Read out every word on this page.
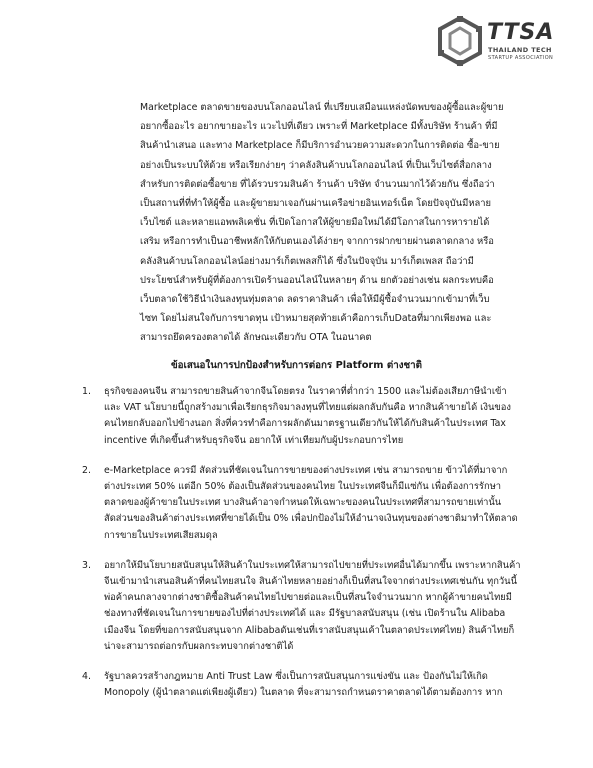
TTSA
THAILAND TECH
STARTUP ASSOCIATION

Marketplace ตลาดขายของบนโลกออนไลน์ ที่เปรียบเสมือนแหล่งนัดพบของผู้ซื้อและผู้ขาย อยากซื้ออะไร อยากขายอะไร แวะไปที่เดียว เพราะที่ Marketplace มีทั้งบริษัท ร้านค้า ที่มีสินค้านำเสนอ และทาง Marketplace ก็มีบริการอำนวยความสะดวกในการติดต่อ ซื้อ-ขาย อย่างเป็นระบบให้ด้วย หรือเรียกง่ายๆ ว่าคลังสินค้าบนโลกออนไลน์ ที่เป็นเว็บไซต์สื่อกลางสำหรับการติดต่อซื้อขาย ที่ได้รวบรวมสินค้า ร้านค้า บริษัท จำนวนมากไว้ด้วยกัน ซึ่งถือว่าเป็นสถานที่ที่ทำให้ผู้ซื้อ และผู้ขายมาเจอกันผ่านเครือข่ายอินเทอร์เน็ต โดยปัจจุบันมีหลายเว็บไซต์ และหลายแอพพลิเคชั่น ที่เปิดโอกาสให้ผู้ขายมือใหม่ได้มีโอกาสในการหารายได้เสริม หรือการทำเป็นอาชีพหลักให้กับตนเองได้ง่ายๆ จากการฝากขายผ่านตลาดกลาง หรือคลังสินค้าบนโลกออนไลน์อย่างมาร์เก็ตเพลสก็ได้ ซึ่งในปัจจุบัน มาร์เก็ตเพลส ถือว่ามีประโยชน์สำหรับผู้ที่ต้องการเปิดร้านออนไลน์ในหลายๆ ด้าน ยกตัวอย่างเช่น ผลกระทบคือ เว็บตลาดใช้วิธีนำเงินลงทุนทุ่มตลาด ลดราคาสินค้า เพื่อให้มีผู้ซื้อจำนวนมากเข้ามาที่เว็บไซท โดยไม่สนใจกับการขาดทุน เป้าหมายสุดท้ายเค้าคือการเก็บDataที่มากเพียงพอ และ สามารถยึดครองตลาดได้ ลักษณะเดียวกับ OTA ในอนาคต

ข้อเสนอในการปกป้องสำหรับการต่อกร Platform ต่างชาติ
1. ธุรกิจของคนจีน สามารถขายสินค้าจากจีนโดยตรง ในราคาที่ต่ำกว่า 1500 และไม่ต้องเสียภาษีนำเข้า และ VAT นโยบายนี้ถูกสร้างมาเพื่อเรียกธุรกิจมาลงทุนที่ไทยแต่ผลกลับกันคือ หากสินค้าขายได้ เงินของคนไทยกลับออกไปข้างนอก สิ่งที่ควรทำคือการผลักดันมาตรฐานเดียวกันให้ได้กับสินค้าในประเทศ Tax incentive ที่เกิดขึ้นสำหรับธุรกิจจีน อยากให้ เท่าเทียมกับผู้ประกอบการไทย
2. e-Marketplace ควรมี สัดส่วนที่ชัดเจนในการขายของต่างประเทศ เช่น สามารถขาย ข้าวได้ที่มาจากต่างประเทศ 50% แต่อีก 50% ต้องเป็นสัดส่วนของคนไทย ในประเทศจีนก็มีแซ่กัน เพื่อต้องการรักษาตลาดของผู้ค้าขายในประเทศ บางสินค้าอาจกำหนดให้เฉพาะของคนในประเทศที่สามารถขายเท่านั้น สัดส่วนของสินค้าต่างประเทศที่ขายได้เป็น 0% เพื่อปกป้องไม่ให้อำนาจเงินทุนของต่างชาติมาทำให้ตลาดการขายในประเทศเสียสมดุล
3. อยากให้มีนโยบายสนับสนุนให้สินค้าในประเทศให้สามารถไปขายที่ประเทศอื่นได้มากขึ้น เพราะหากสินค้าจีนเข้ามานำเสนอสินค้าที่คนไทยสนใจ สินค้าไทยหลายอย่างก็เป็นที่สนใจจากต่างประเทศเช่นกัน ทุกวันนี้พ่อค้าคนกลางจากต่างชาติซื้อสินค้าคนไทยไปขายต่อและเป็นที่สนใจจำนวนมาก หากผู้ค้าขายคนไทยมีช่องทางที่ชัดเจนในการขายของไปที่ต่างประเทศได้ และ มีรัฐบาลสนับสนุน (เช่น เปิดร้านใน Alibaba เมืองจีน โดยที่ขอการสนับสนุนจาก Alibabaดันเช่นที่เราสนับสนุนเค้าในตลาดประเทศไทย) สินค้าไทยก็น่าจะสามารถต่อกรกับผลกระทบจากต่างชาติได้
4. รัฐบาลควรสร้างกฎหมาย Anti Trust Law ซึ่งเป็นการสนับสนุนการแข่งขัน และ ป้องกันไม่ให้เกิด Monopoly (ผู้นำตลาดแต่เพียงผู้เดียว) ในตลาด ที่จะสามารถกำหนดราคาตลาดได้ตามต้องการ หาก
